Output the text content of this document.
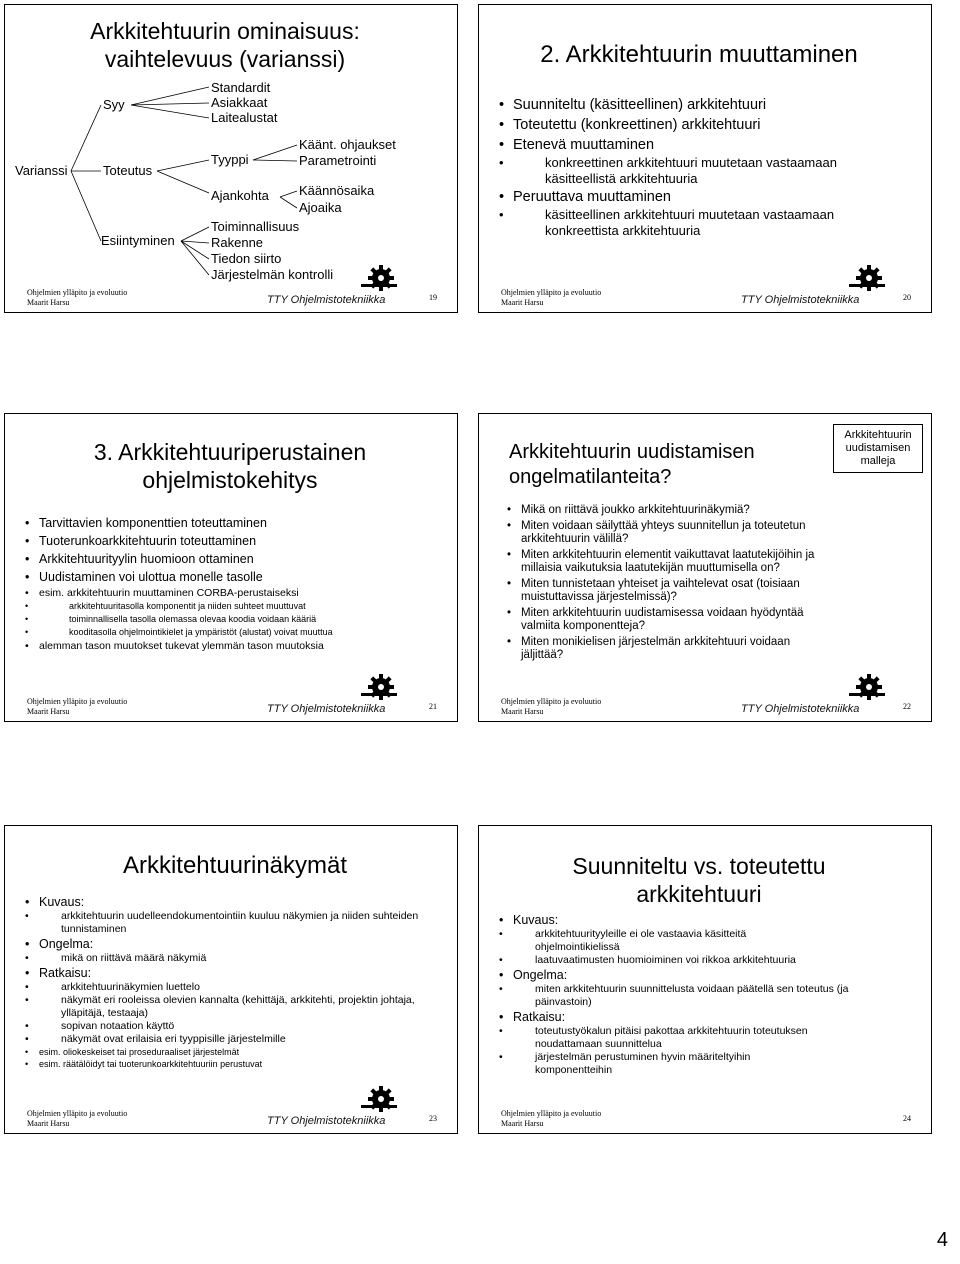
Arkkitehtuurin ominaisuus:
vaihtelevuus (varianssi)
Varianssi
Syy
Toteutus
Esiintyminen
Standardit
Asiakkaat
Laitealustat
Tyyppi
Käänt. ohjaukset
Parametrointi
Ajankohta Käännösaika
Ajoaika
Toiminnallisuus
Rakenne
Tiedon siirto
Järjestelmän kontrolli
Ohjelmien ylläpito ja evoluutio
Maarit Harsu	TTY Ohjelmistotekniikka	19
2. Arkkitehtuurin muuttaminen
• Suunniteltu (käsitteellinen) arkkitehtuuri
• Toteutettu (konkreettinen) arkkitehtuuri
• Etenevä muuttaminen
• konkreettinen arkkitehtuuri muutetaan vastaamaan käsitteellistä arkkitehtuuria
• Peruuttava muuttaminen
• käsitteellinen arkkitehtuuri muutetaan vastaamaan konkreettista arkkitehtuuria
Ohjelmien ylläpito ja evoluutio
Maarit Harsu	TTY Ohjelmistotekniikka	20
3. Arkkitehtuuriperustainen
ohjelmistokehitys
• Tarvittavien komponenttien toteuttaminen
• Tuoterunkoarkkitehtuurin toteuttaminen
• Arkkitehtuurityylin huomioon ottaminen
• Uudistaminen voi ulottua monelle tasolle
• esim. arkkitehtuurin muuttaminen CORBA-perustaiseksi
• arkkitehtuuritasolla komponentit ja niiden suhteet muuttuvat
• toiminnallisella tasolla olemassa olevaa koodia voidaan kääriä
• kooditasolla ohjelmointikielet ja ympäristöt (alustat) voivat muuttua
• alemman tason muutokset tukevat ylemmän tason muutoksia
Ohjelmien ylläpito ja evoluutio
Maarit Harsu	TTY Ohjelmistotekniikka	21
Arkkitehtuurin uudistamisen
ongelmatilanteita?
Arkkitehtuurin uudistamisen malleja
• Mikä on riittävä joukko arkkitehtuurinäkymiä?
• Miten voidaan säilyttää yhteys suunnitellun ja toteutetun arkkitehtuurin välillä?
• Miten arkkitehtuurin elementit vaikuttavat laatutekijöihin ja millaisia vaikutuksia laatutekijän muuttumisella on?
• Miten tunnistetaan yhteiset ja vaihtelevat osat (toisiaan muistuttavissa järjestelmissä)?
• Miten arkkitehtuurin uudistamisessa voidaan hyödyntää valmiita komponentteja?
• Miten monikielisen järjestelmän arkkitehtuuri voidaan jäljittää?
Ohjelmien ylläpito ja evoluutio
Maarit Harsu	TTY Ohjelmistotekniikka	22
Arkkitehtuurinäkymät
• Kuvaus:
• arkkitehtuurin uudelleendokumentointiin kuuluu näkymien ja niiden suhteiden tunnistaminen
• Ongelma:
• mikä on riittävä määrä näkymiä
• Ratkaisu:
• arkkitehtuurinäkymien luettelo
• näkymät eri rooleissa olevien kannalta (kehittäjä, arkkitehti, projektin johtaja, ylläpitäjä, testaaja)
• sopivan notaation käyttö
• näkymät ovat erilaisia eri tyyppisille järjestelmille
• esim. oliokeskeiset tai proseduraaliset järjestelmät
• esim. räätälöidyt tai tuoterunkoarkkitehtuuriin perustuvat
Ohjelmien ylläpito ja evoluutio
Maarit Harsu	TTY Ohjelmistotekniikka	23
Suunniteltu vs. toteutettu
arkkitehtuuri
• Kuvaus:
• arkkitehtuurityyleille ei ole vastaavia käsitteitä ohjelmointikielissä
• laatuvaatimusten huomioiminen voi rikkoa arkkitehtuuria
• Ongelma:
• miten arkkitehtuurin suunnittelusta voidaan päätellä sen toteutus (ja päinvastoin)
• Ratkaisu:
• toteutustyökalun pitäisi pakottaa arkkitehtuurin toteutuksen noudattamaan suunnittelua
• järjestelmän perustuminen hyvin määriteltyihin komponentteihin
Ohjelmien ylläpito ja evoluutio
Maarit Harsu
24
4
